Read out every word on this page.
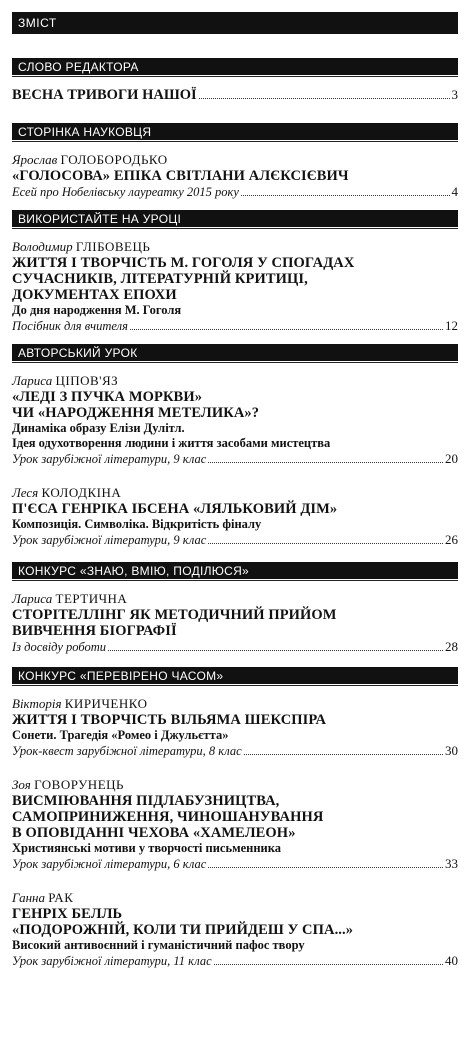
ЗМІСТ
СЛОВО РЕДАКТОРА
ВЕСНА ТРИВОГИ НАШОЇ	3
СТОРІНКА НАУКОВЦЯ
Ярослав ГОЛОБОРОДЬКО
«ГОЛОСОВА» ЕПІКА СВІТЛАНИ АЛЄКСІЄВИЧ
Есей про Нобелівську лауреатку 2015 року	4
ВИКОРИСТАЙТЕ НА УРОЦІ
Володимир ГЛІБОВЕЦЬ
ЖИТТЯ І ТВОРЧІСТЬ М. ГОГОЛЯ У СПОГАДАХ
СУЧАСНИКІВ, ЛІТЕРАТУРНІЙ КРИТИЦІ,
ДОКУМЕНТАХ ЕПОХИ
До дня народження М. Гоголя
Посібник для вчителя	12
АВТОРСЬКИЙ УРОК
Лариса ЦІПОВ'ЯЗ
«ЛЕДІ З ПУЧКА МОРКВИ»
ЧИ «НАРОДЖЕННЯ МЕТЕЛИКА»?
Динаміка образу Елізи Дулітл.
Ідея одухотворення людини і життя засобами мистецтва
Урок зарубіжної літератури, 9 клас	20
Леся КОЛОДКІНА
П'ЄСА ГЕНРІКА ІБСЕНА «ЛЯЛЬКОВИЙ ДІМ»
Композиція. Символіка. Відкритість фіналу
Урок зарубіжної літератури, 9 клас	26
КОНКУРС «ЗНАЮ, ВМІЮ, ПОДІЛЮСЯ»
Лариса ТЕРТИЧНА
СТОРІТЕЛЛІНГ ЯК МЕТОДИЧНИЙ ПРИЙОМ
ВИВЧЕННЯ БІОГРАФІЇ
Із досвіду роботи	28
КОНКУРС «ПЕРЕВІРЕНО ЧАСОМ»
Вікторія КИРИЧЕНКО
ЖИТТЯ І ТВОРЧІСТЬ ВІЛЬЯМА ШЕКСПІРА
Сонети. Трагедія «Ромео і Джульєтта»
Урок-квест зарубіжної літератури, 8 клас	30
Зоя ГОВОРУНЕЦЬ
ВИСМІЮВАННЯ ПІДЛАБУЗНИЦТВА,
САМОПРИНИЖЕННЯ, ЧИНОШАНУВАННЯ
В ОПОВІДАННІ ЧЕХОВА «ХАМЕЛЕОН»
Християнські мотиви у творчості письменника
Урок зарубіжної літератури, 6 клас	33
Ганна РАК
ГЕНРІХ БЕЛЛЬ
«ПОДОРОЖНІЙ, КОЛИ ТИ ПРИЙДЕШ У СПА...»
Високий антивоєнний і гуманістичний пафос твору
Урок зарубіжної літератури, 11 клас	40
